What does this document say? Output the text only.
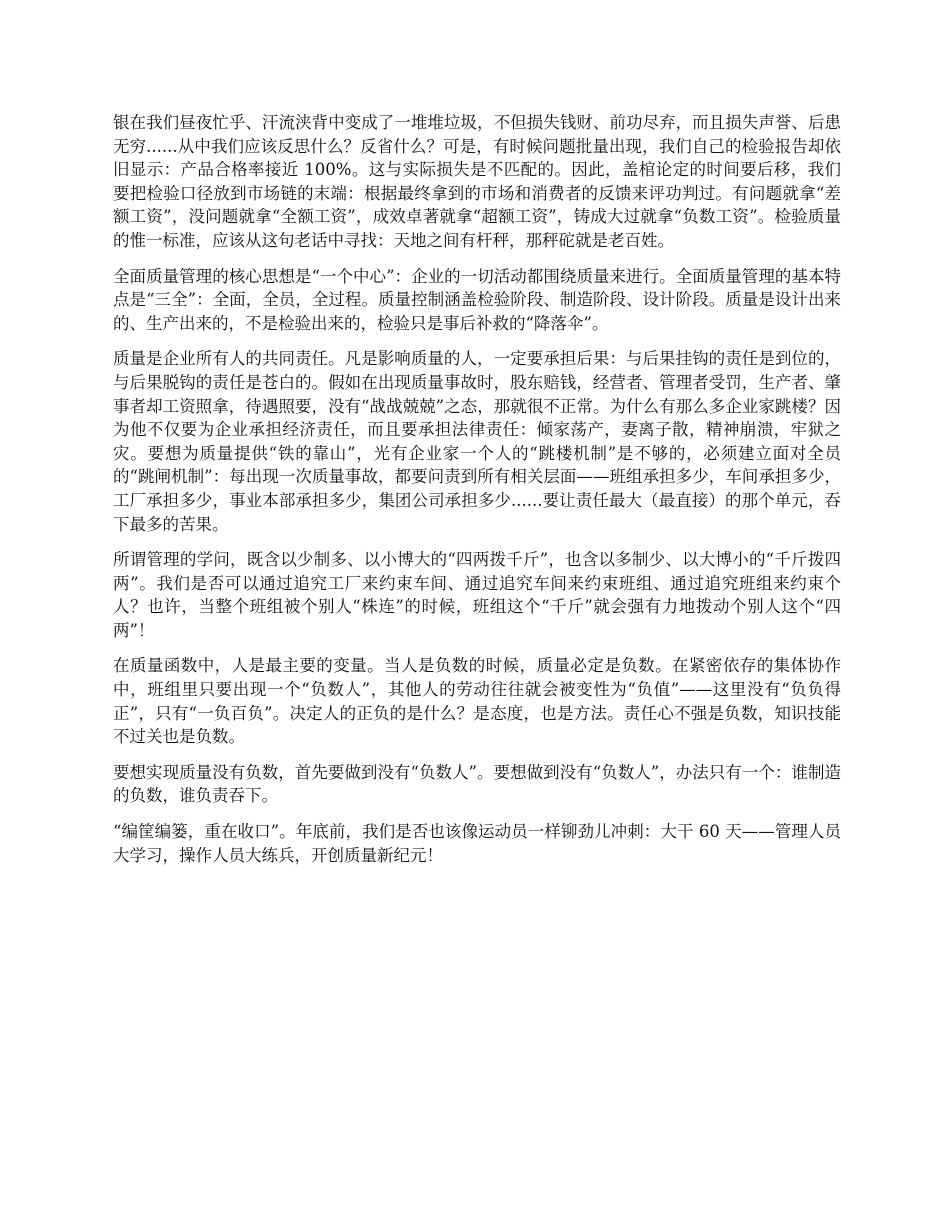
银在我们昼夜忙乎、汗流浃背中变成了一堆堆垃圾，不但损失钱财、前功尽弃，而且损失声誉、后患无穷......从中我们应该反思什么？反省什么？可是，有时候问题批量出现，我们自己的检验报告却依旧显示：产品合格率接近 100%。这与实际损失是不匹配的。因此，盖棺论定的时间要后移，我们要把检验口径放到市场链的末端：根据最终拿到的市场和消费者的反馈来评功判过。有问题就拿“差额工资”，没问题就拿“全额工资”，成效卓著就拿“超额工资”，铸成大过就拿“负数工资”。检验质量的惟一标准，应该从这句老话中寻找：天地之间有杆秤，那秤砣就是老百姓。

全面质量管理的核心思想是“一个中心”：企业的一切活动都围绕质量来进行。全面质量管理的基本特点是“三全”：全面，全员，全过程。质量控制涵盖检验阶段、制造阶段、设计阶段。质量是设计出来的、生产出来的，不是检验出来的，检验只是事后补救的“降落伞”。

质量是企业所有人的共同责任。凡是影响质量的人，一定要承担后果：与后果挂钩的责任是到位的，与后果脱钩的责任是苍白的。假如在出现质量事故时，股东赔钱，经营者、管理者受罚，生产者、肇事者却工资照拿，待遇照要，没有“战战兢兢”之态，那就很不正常。为什么有那么多企业家跳楼？因为他不仅要为企业承担经济责任，而且要承担法律责任：倾家荡产，妻离子散，精神崩溃，牢狱之灾。要想为质量提供“铁的靠山”，光有企业家一个人的“跳楼机制”是不够的，必须建立面对全员的“跳闸机制”：每出现一次质量事故，都要问责到所有相关层面——班组承担多少，车间承担多少，工厂承担多少，事业本部承担多少，集团公司承担多少......要让责任最大（最直接）的那个单元，吞下最多的苦果。

所谓管理的学问，既含以少制多、以小博大的“四两拨千斤”，也含以多制少、以大博小的“千斤拨四两”。我们是否可以通过追究工厂来约束车间、通过追究车间来约束班组、通过追究班组来约束个人？也许，当整个班组被个别人“株连”的时候，班组这个“千斤”就会强有力地拨动个别人这个“四两”！

在质量函数中，人是最主要的变量。当人是负数的时候，质量必定是负数。在紧密依存的集体协作中，班组里只要出现一个“负数人”，其他人的劳动往往就会被变性为“负值”——这里没有“负负得正”，只有“一负百负”。决定人的正负的是什么？是态度，也是方法。责任心不强是负数，知识技能不过关也是负数。

要想实现质量没有负数，首先要做到没有“负数人”。要想做到没有“负数人”，办法只有一个：谁制造的负数，谁负责吞下。

“编筐编篓，重在收口”。年底前，我们是否也该像运动员一样铆劲儿冲刺：大干 60 天——管理人员大学习，操作人员大练兵，开创质量新纪元！
